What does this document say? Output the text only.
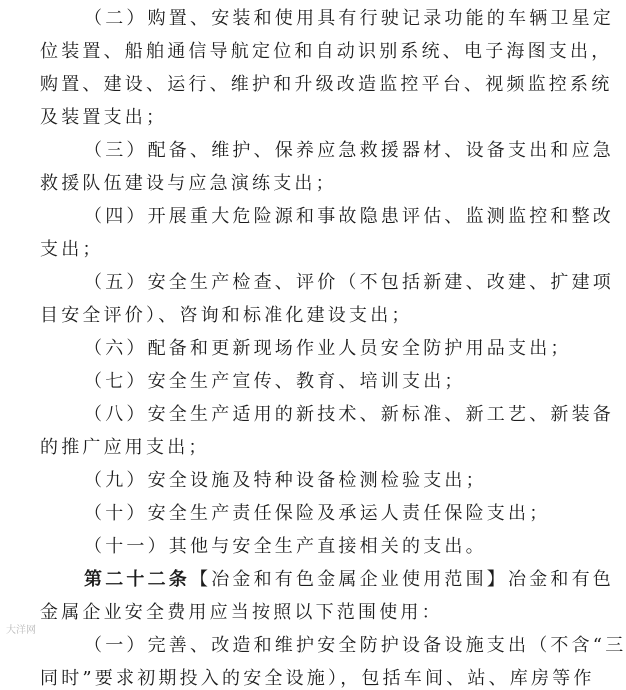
（二）购置、安装和使用具有行驶记录功能的车辆卫星定
位装置、船舶通信导航定位和自动识别系统、电子海图支出，
购置、建设、运行、维护和升级改造监控平台、视频监控系统
及装置支出；
（三）配备、维护、保养应急救援器材、设备支出和应急
救援队伍建设与应急演练支出；
（四）开展重大危险源和事故隐患评估、监测监控和整改
支出；
（五）安全生产检查、评价（不包括新建、改建、扩建项
目安全评价）、咨询和标准化建设支出；
（六）配备和更新现场作业人员安全防护用品支出；
（七）安全生产宣传、教育、培训支出；
（八）安全生产适用的新技术、新标准、新工艺、新装备
的推广应用支出；
（九）安全设施及特种设备检测检验支出；
（十）安全生产责任保险及承运人责任保险支出；
（十一）其他与安全生产直接相关的支出。
第二十二条【冶金和有色金属企业使用范围】冶金和有色
金属企业安全费用应当按照以下范围使用：
（一）完善、改造和维护安全防护设备设施支出（不含“三
同时”要求初期投入的安全设施），包括车间、站、库房等作
大洋网
